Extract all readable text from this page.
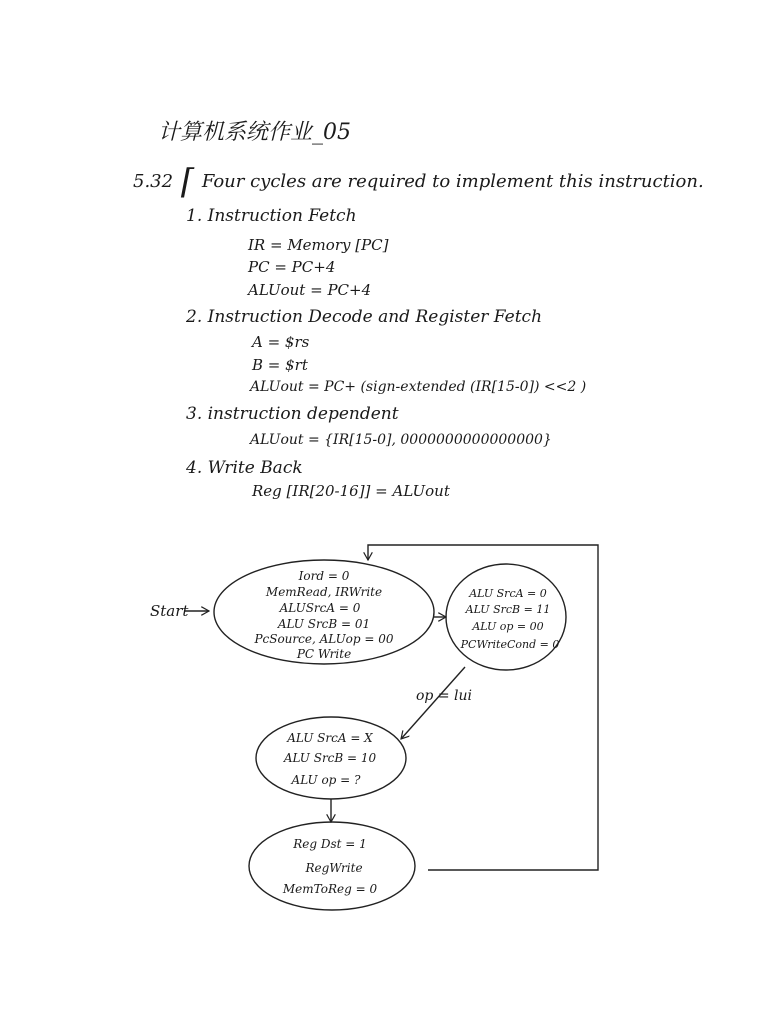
计算机系统作业_05
5.32 ⌈ Four cycles are required to implement this instruction.
1. Instruction Fetch
IR = Memory [PC]
PC = PC+4
ALUout = PC+4
2. Instruction Decode and Register Fetch
A = $rs
B = $rt
ALUout = PC+ (sign-extended (IR[15-0]) <<2 )
3. instruction dependent
ALUout = {IR[15-0], 0000000000000000}
4. Write Back
Reg [IR[20-16]] = ALUout
Start
op = lui
Iord = 0
MemRead, IRWrite
ALUSrcA = 0
ALU SrcB = 01
PcSource, ALUop = 00
PC Write
ALU SrcA = 0
ALU SrcB = 11
ALU op = 00
PCWriteCond = 0
ALU SrcA = X
ALU SrcB = 10
ALU op = ?
Reg Dst = 1
RegWrite
MemToReg = 0
